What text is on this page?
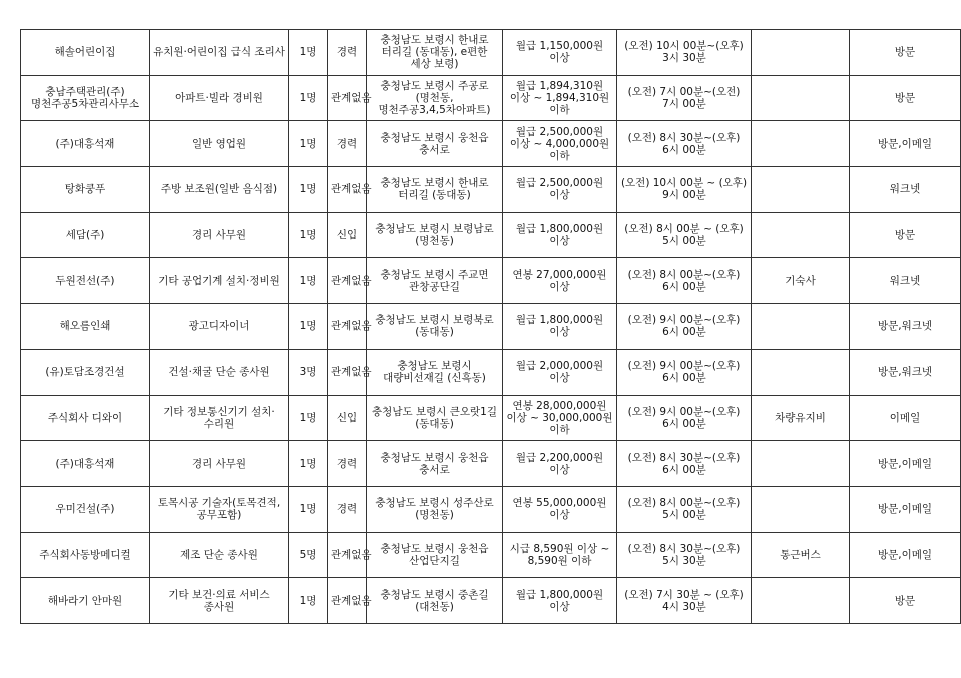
해솔어린이집	유치원·어린이집 급식 조리사	1명	경력	충청남도 보령시 한내로 터리길 (동대동), e편한 세상 보령)	월급 1,150,000원 이상	(오전) 10시 00분~(오후) 3시 30분		방문
충남주택관리(주)명천주공5차관리사무소	아파트·빌라 경비원	1명	관계없음	충청남도 보령시 주공로 (명천동, 명천주공3,4,5차아파트)	월급 1,894,310원 이상 ~ 1,894,310원 이하	(오전) 7시 00분~(오전) 7시 00분		방문
(주)대흥석재	일반 영업원	1명	경력	충청남도 보령시 웅천읍 충서로	월급 2,500,000원 이상 ~ 4,000,000원 이하	(오전) 8시 30분~(오후) 6시 00분		방문,이메일
탕화쿵푸	주방 보조원(일반 음식점)	1명	관계없음	충청남도 보령시 한내로 터리길 (동대동)	월급 2,500,000원 이상	(오전) 10시 00분 ~ (오후) 9시 00분		워크넷
세담(주)	경리 사무원	1명	신입	충청남도 보령시 보령남로 (명천동)	월급 1,800,000원 이상	(오전) 8시 00분 ~ (오후) 5시 00분		방문
두원전선(주)	기타 공업기계 설치·정비원	1명	관계없음	충청남도 보령시 주교면 관창공단길	연봉 27,000,000원 이상	(오전) 8시 00분~(오후) 6시 00분	기숙사	워크넷
해오름인쇄	광고디자이너	1명	관계없음	충청남도 보령시 보령북로 (동대동)	월급 1,800,000원 이상	(오전) 9시 00분~(오후) 6시 00분		방문,워크넷
(유)토담조경건설	건설·채굴 단순 종사원	3명	관계없음	충청남도 보령시 대량비선재길 (신흑동)	월급 2,000,000원 이상	(오전) 9시 00분~(오후) 6시 00분		방문,워크넷
주식회사 디와이	기타 정보통신기기 설치·수리원	1명	신입	충청남도 보령시 큰오랏1길 (동대동)	연봉 28,000,000원 이상 ~ 30,000,000원 이하	(오전) 9시 00분~(오후) 6시 00분	차량유지비	이메일
(주)대흥석재	경리 사무원	1명	경력	충청남도 보령시 웅천읍 충서로	월급 2,200,000원 이상	(오전) 8시 30분~(오후) 6시 00분		방문,이메일
우미건설(주)	토목시공 기술자(토목견적, 공무포함)	1명	경력	충청남도 보령시 성주산로 (명천동)	연봉 55,000,000원 이상	(오전) 8시 00분~(오후) 5시 00분		방문,이메일
주식회사동방메디컬	제조 단순 종사원	5명	관계없음	충청남도 보령시 웅천읍 산업단지길	시급 8,590원 이상 ~ 8,590원 이하	(오전) 8시 30분~(오후) 5시 30분	통근버스	방문,이메일
해바라기 안마원	기타 보건·의료 서비스 종사원	1명	관계없음	충청남도 보령시 중촌길 (대천동)	월급 1,800,000원 이상	(오전) 7시 30분 ~ (오후) 4시 30분		방문
